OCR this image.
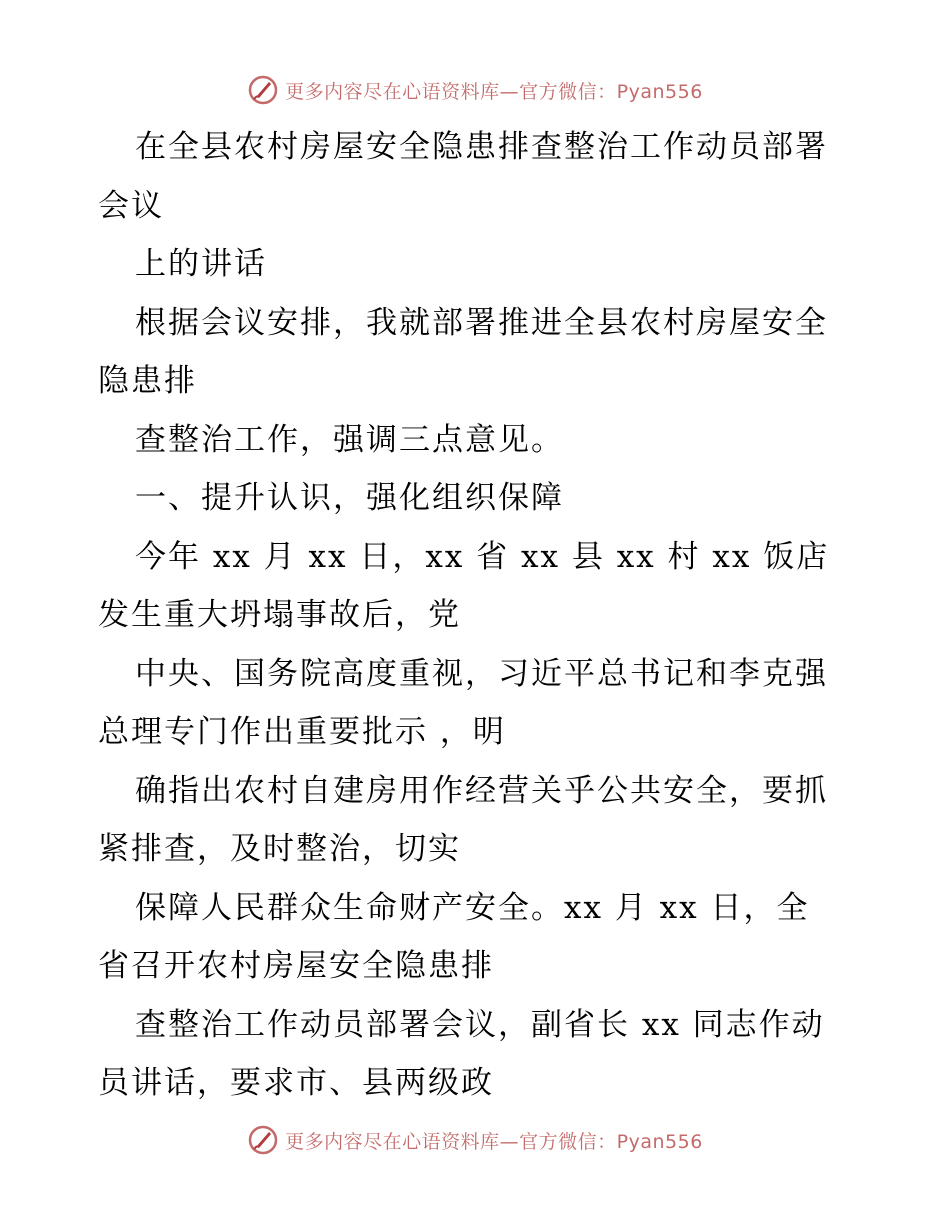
更多内容尽在心语资料库—官方微信：Pyan556
在全县农村房屋安全隐患排查整治工作动员部署
会议
上的讲话
根据会议安排，我就部署推进全县农村房屋安全
隐患排
查整治工作，强调三点意见。
一、提升认识，强化组织保障
今年 xx 月 xx 日，xx 省 xx 县 xx 村 xx 饭店
发生重大坍塌事故后，党
中央、国务院高度重视，习近平总书记和李克强
总理专门作出重要批示 ，明
确指出农村自建房用作经营关乎公共安全，要抓
紧排查，及时整治，切实
保障人民群众生命财产安全。xx 月 xx 日，全
省召开农村房屋安全隐患排
查整治工作动员部署会议，副省长 xx 同志作动
员讲话，要求市、县两级政
更多内容尽在心语资料库—官方微信：Pyan556
